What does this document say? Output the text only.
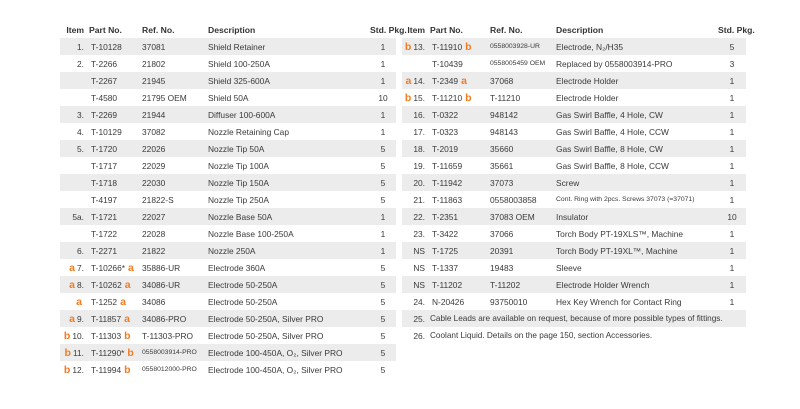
Item	Part No.	Ref. No.	Description	Std. Pkg.
1.	T-10128	37081	Shield Retainer	1
2.	T-2266	21802	Shield 100-250A	1
	T-2267	21945	Shield 325-600A	1
	T-4580	21795 OEM	Shield 50A	10
3.	T-2269	21944	Diffuser 100-600A	1
4.	T-10129	37082	Nozzle Retaining Cap	1
5.	T-1720	22026	Nozzle Tip 50A	5
	T-1717	22029	Nozzle Tip 100A	5
	T-1718	22030	Nozzle Tip 150A	5
	T-4197	21822-S	Nozzle Tip 250A	5
5a.	T-1721	22027	Nozzle Base 50A	1
	T-1722	22028	Nozzle Base 100-250A	1
6.	T-2271	21822	Nozzle 250A	1
a 7.	T-10266* a	35886-UR	Electrode 360A	5
a 8.	T-10262 a	34086-UR	Electrode 50-250A	5
a	T-1252 a	34086	Electrode 50-250A	5
a 9.	T-11857 a	34086-PRO	Electrode 50-250A, Silver PRO	5
b 10.	T-11303 b	T-11303-PRO	Electrode 50-250A, Silver PRO	5
b 11.	T-11290* b	0558003914-PRO	Electrode 100-450A, O₂, Silver PRO	5
b 12.	T-11994 b	0558012000-PRO	Electrode 100-450A, O₂, Silver PRO	5
Item	Part No.	Ref. No.	Description	Std. Pkg.
b 13.	T-11910 b	0558003928-UR	Electrode, N₂/H35	5
	T-10439	0558005459 OEM	Replaced by 0558003914-PRO	3
a 14.	T-2349 a	37068	Electrode Holder	1
b 15.	T-11210 b	T-11210	Electrode Holder	1
16.	T-0322	948142	Gas Swirl Baffle, 4 Hole, CW	1
17.	T-0323	948143	Gas Swirl Baffle, 4 Hole, CCW	1
18.	T-2019	35660	Gas Swirl Baffle, 8 Hole, CW	1
19.	T-11659	35661	Gas Swirl Baffle, 8 Hole, CCW	1
20.	T-11942	37073	Screw	1
21.	T-11863	0558003858	Cont. Ring with 2pcs. Screws 37073 (=37071)	1
22.	T-2351	37083 OEM	Insulator	10
23.	T-3422	37066	Torch Body PT-19XLS™, Machine	1
NS	T-1725	20391	Torch Body PT-19XL™, Machine	1
NS	T-1337	19483	Sleeve	1
NS	T-11202	T-11202	Electrode Holder Wrench	1
24.	N-20426	93750010	Hex Key Wrench for Contact Ring	1
25.	Cable Leads are available on request, because of more possible types of fittings.			
26.	Coolant Liquid. Details on the page 150, section Accessories.			
